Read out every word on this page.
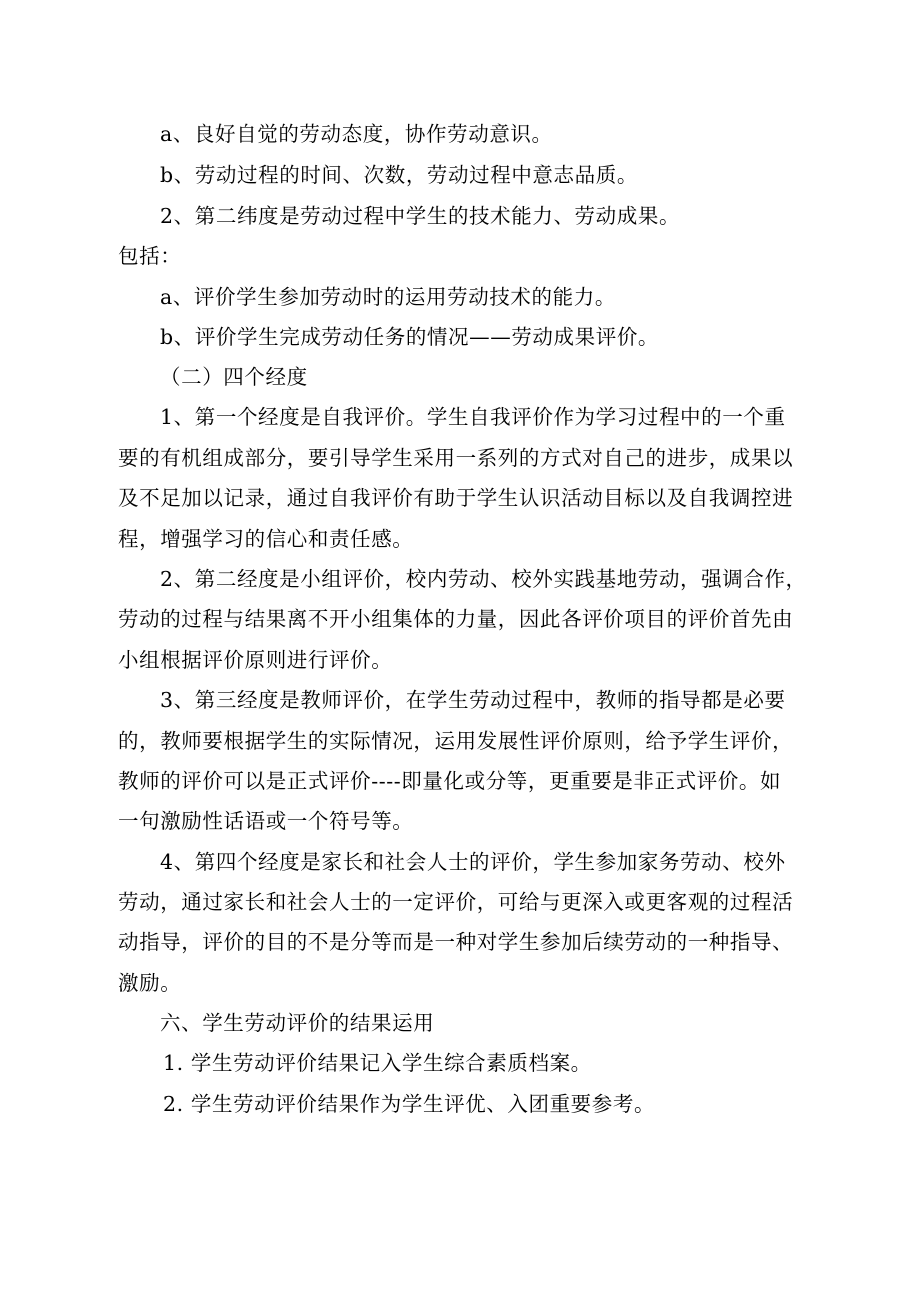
a、良好自觉的劳动态度，协作劳动意识。
b、劳动过程的时间、次数，劳动过程中意志品质。
2、第二纬度是劳动过程中学生的技术能力、劳动成果。
包括：
a、评价学生参加劳动时的运用劳动技术的能力。
b、评价学生完成劳动任务的情况——劳动成果评价。
（二）四个经度
1、第一个经度是自我评价。学生自我评价作为学习过程中的一个重
要的有机组成部分，要引导学生采用一系列的方式对自己的进步，成果以
及不足加以记录，通过自我评价有助于学生认识活动目标以及自我调控进
程，增强学习的信心和责任感。
2、第二经度是小组评价，校内劳动、校外实践基地劳动，强调合作，
劳动的过程与结果离不开小组集体的力量，因此各评价项目的评价首先由
小组根据评价原则进行评价。
3、第三经度是教师评价，在学生劳动过程中，教师的指导都是必要
的，教师要根据学生的实际情况，运用发展性评价原则，给予学生评价，
教师的评价可以是正式评价----即量化或分等，更重要是非正式评价。如
一句激励性话语或一个符号等。
4、第四个经度是家长和社会人士的评价，学生参加家务劳动、校外
劳动，通过家长和社会人士的一定评价，可给与更深入或更客观的过程活
动指导，评价的目的不是分等而是一种对学生参加后续劳动的一种指导、
激励。
六、学生劳动评价的结果运用
1. 学生劳动评价结果记入学生综合素质档案。
2. 学生劳动评价结果作为学生评优、入团重要参考。
